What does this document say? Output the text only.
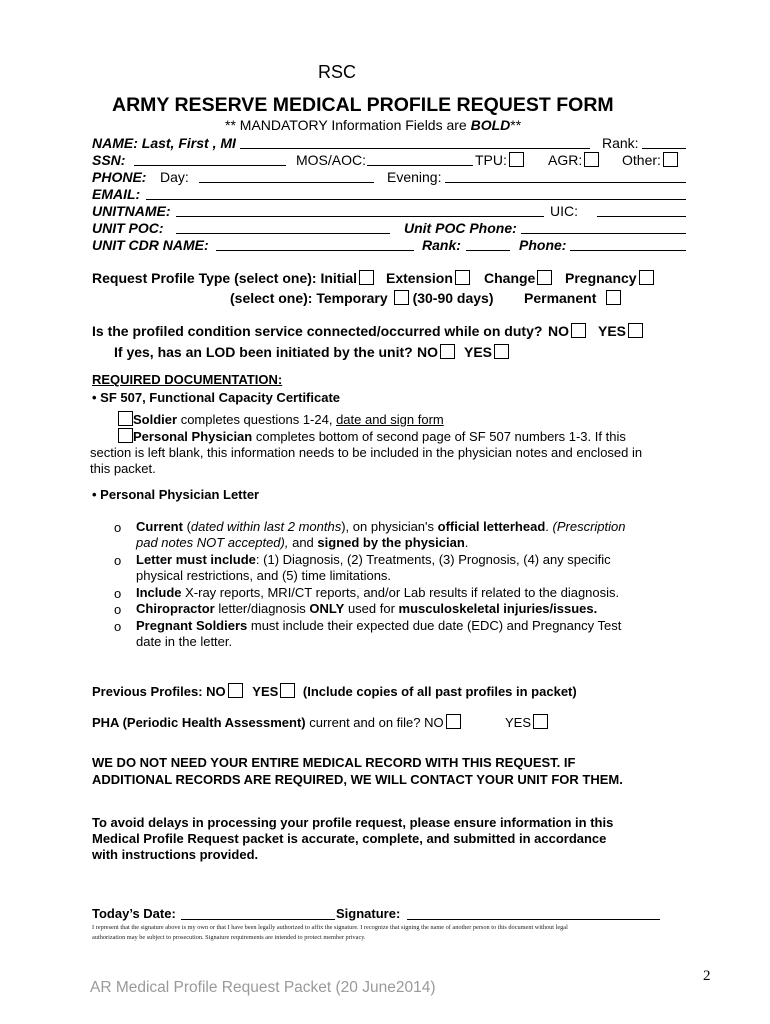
RSC
ARMY RESERVE MEDICAL PROFILE REQUEST FORM
** MANDATORY Information Fields are BOLD**
NAME: Last, First , MI	Rank:
SSN:	MOS/AOC:	TPU:	AGR:	Other:
PHONE: Day:	Evening:
EMAIL:
UNITNAME:	UIC:
UNIT POC:	Unit POC Phone:
UNIT CDR NAME:	Rank:	Phone:
Request Profile Type (select one): Initial	Extension	Change	Pregnancy
(select one): Temporary (30-90 days) Permanent
Is the profiled condition service connected/occurred while on duty? NO	YES
If yes, has an LOD been initiated by the unit? NO	YES
REQUIRED DOCUMENTATION:
• SF 507, Functional Capacity Certificate
Soldier completes questions 1-24, date and sign form
Personal Physician completes bottom of second page of SF 507 numbers 1-3. If this
section is left blank, this information needs to be included in the physician notes and enclosed in
this packet.
• Personal Physician Letter
o Current (dated within last 2 months), on physician's official letterhead. (Prescription
pad notes NOT accepted), and signed by the physician.
o Letter must include: (1) Diagnosis, (2) Treatments, (3) Prognosis, (4) any specific
physical restrictions, and (5) time limitations.
o Include X-ray reports, MRI/CT reports, and/or Lab results if related to the diagnosis.
o Chiropractor letter/diagnosis ONLY used for musculoskeletal injuries/issues.
o Pregnant Soldiers must include their expected due date (EDC) and Pregnancy Test
date in the letter.
Previous Profiles: NO YES (Include copies of all past profiles in packet)
PHA (Periodic Health Assessment) current and on file? NO	YES
WE DO NOT NEED YOUR ENTIRE MEDICAL RECORD WITH THIS REQUEST. IF
ADDITIONAL RECORDS ARE REQUIRED, WE WILL CONTACT YOUR UNIT FOR THEM.
To avoid delays in processing your profile request, please ensure information in this
Medical Profile Request packet is accurate, complete, and submitted in accordance
with instructions provided.
Today’s Date:	Signature:
I represent that the signature above is my own or that I have been legally authorized to affix the signature. I recognize that signing the name of another person to this document without legal
authorization may be subject to prosecution. Signature requirements are intended to protect member privacy.
AR Medical Profile Request Packet (20 June2014)
2
